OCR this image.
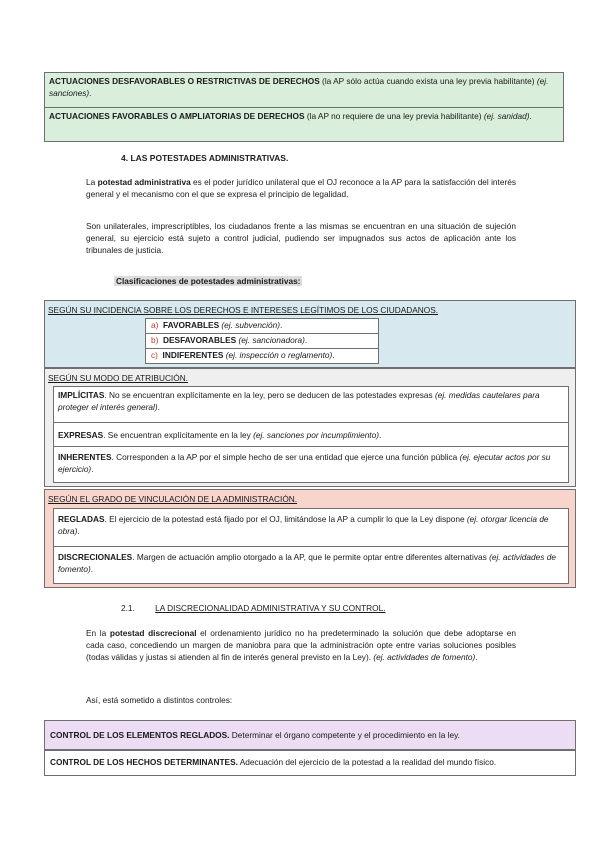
ACTUACIONES DESFAVORABLES O RESTRICTIVAS DE DERECHOS (la AP sólo actúa cuando exista una ley previa habilitante) (ej. sanciones).
ACTUACIONES FAVORABLES O AMPLIATORIAS DE DERECHOS (la AP no requiere de una ley previa habilitante) (ej. sanidad).
4. LAS POTESTADES ADMINISTRATIVAS.
La potestad administrativa es el poder jurídico unilateral que el OJ reconoce a la AP para la satisfacción del interés general y el mecanismo con el que se expresa el principio de legalidad.
Son unilaterales, imprescriptibles, los ciudadanos frente a las mismas se encuentran en una situación de sujeción general, su ejercicio está sujeto a control judicial, pudiendo ser impugnados sus actos de aplicación ante los tribunales de justicia.
Clasificaciones de potestades administrativas:
SEGÚN SU INCIDENCIA SOBRE LOS DERECHOS E INTERESES LEGÍTIMOS DE LOS CIUDADANOS.
a) FAVORABLES (ej. subvención).
b) DESFAVORABLES (ej. sancionadora).
c) INDIFERENTES (ej. inspección o reglamento).
SEGÚN SU MODO DE ATRIBUCIÓN.
IMPLÍCITAS. No se encuentran explícitamente en la ley, pero se deducen de las potestades expresas (ej. medidas cautelares para proteger el interés general).
EXPRESAS. Se encuentran explícitamente en la ley (ej. sanciones por incumplimiento).
INHERENTES. Corresponden a la AP por el simple hecho de ser una entidad que ejerce una función pública (ej. ejecutar actos por su ejercicio).
SEGÚN EL GRADO DE VINCULACIÓN DE LA ADMINISTRACIÓN.
REGLADAS. El ejercicio de la potestad está fijado por el OJ, limitándose la AP a cumplir lo que la Ley dispone (ej. otorgar licencia de obra).
DISCRECIONALES. Margen de actuación amplio otorgado a la AP, que le permite optar entre diferentes alternativas (ej. actividades de fomento).
2.1. LA DISCRECIONALIDAD ADMINISTRATIVA Y SU CONTROL.
En la potestad discrecional el ordenamiento jurídico no ha predeterminado la solución que debe adoptarse en cada caso, concediendo un margen de maniobra para que la administración opte entre varias soluciones posibles (todas válidas y justas si atienden al fin de interés general previsto en la Ley). (ej. actividades de fomento).
Así, está sometido a distintos controles:
CONTROL DE LOS ELEMENTOS REGLADOS. Determinar el órgano competente y el procedimiento en la ley.
CONTROL DE LOS HECHOS DETERMINANTES. Adecuación del ejercicio de la potestad a la realidad del mundo físico.
